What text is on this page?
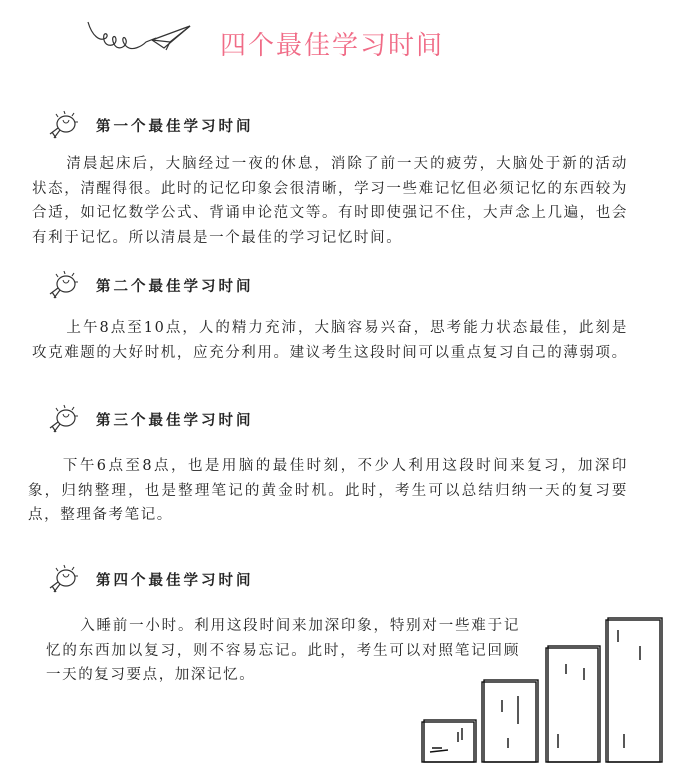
四个最佳学习时间
第一个最佳学习时间

清晨起床后，大脑经过一夜的休息，消除了前一天的疲劳，大脑处于新的活动状态，清醒得很。此时的记忆印象会很清晰，学习一些难记忆但必须记忆的东西较为合适，如记忆数学公式、背诵申论范文等。有时即使强记不住，大声念上几遍，也会有利于记忆。所以清晨是一个最佳的学习记忆时间。

第二个最佳学习时间

上午8点至10点，人的精力充沛，大脑容易兴奋，思考能力状态最佳，此刻是攻克难题的大好时机，应充分利用。建议考生这段时间可以重点复习自己的薄弱项。

第三个最佳学习时间

下午6点至8点，也是用脑的最佳时刻，不少人利用这段时间来复习，加深印象，归纳整理，也是整理笔记的黄金时机。此时，考生可以总结归纳一天的复习要点，整理备考笔记。

第四个最佳学习时间

入睡前一小时。利用这段时间来加深印象，特别对一些难于记忆的东西加以复习，则不容易忘记。此时，考生可以对照笔记回顾一天的复习要点，加深记忆。
